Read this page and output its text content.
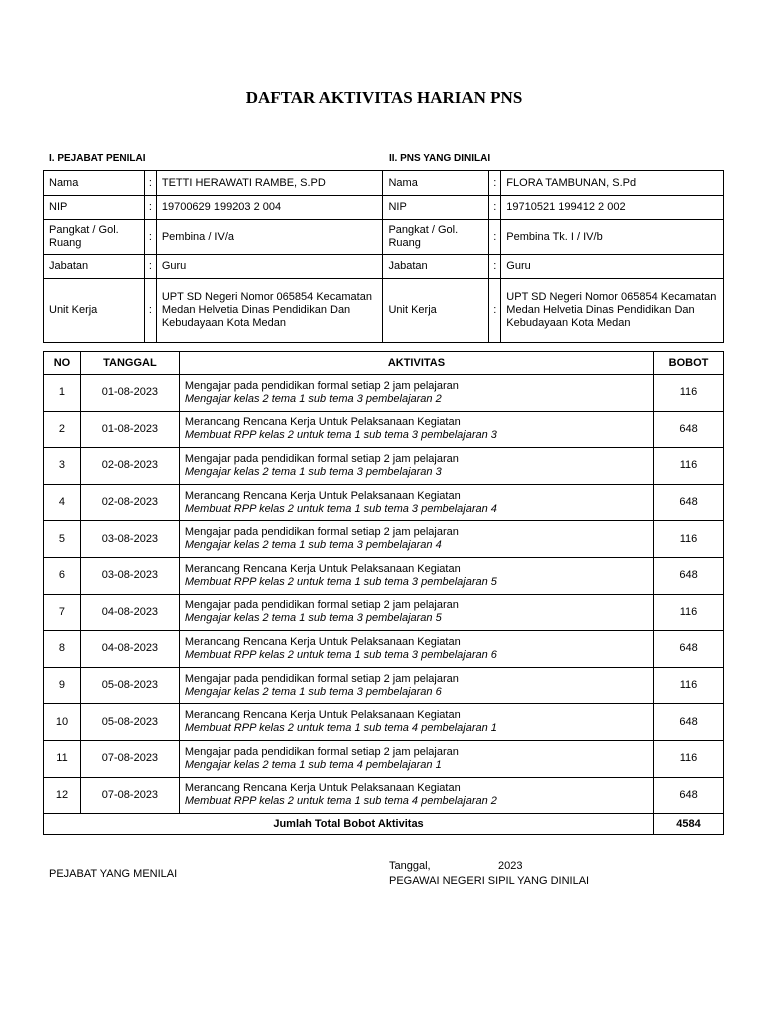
DAFTAR AKTIVITAS HARIAN PNS
I. PEJABAT PENILAI	II. PNS YANG DINILAI
Nama	:	TETTI HERAWATI RAMBE, S.PD	Nama	:	FLORA TAMBUNAN, S.Pd
NIP	:	19700629 199203 2 004	NIP	:	19710521 199412 2 002
Pangkat / Gol. Ruang	:	Pembina / IV/a	Pangkat / Gol. Ruang	:	Pembina Tk. I / IV/b
Jabatan	:	Guru	Jabatan	:	Guru
Unit Kerja	:	UPT SD Negeri Nomor 065854 Kecamatan Medan Helvetia Dinas Pendidikan Dan Kebudayaan Kota Medan	Unit Kerja	:	UPT SD Negeri Nomor 065854 Kecamatan Medan Helvetia Dinas Pendidikan Dan Kebudayaan Kota Medan
NO	TANGGAL	AKTIVITAS	BOBOT
1	01-08-2023	Mengajar pada pendidikan formal setiap 2 jam pelajaran
Mengajar kelas 2 tema 1 sub tema 3 pembelajaran 2	116
2	01-08-2023	Merancang Rencana Kerja Untuk Pelaksanaan Kegiatan
Membuat RPP kelas 2 untuk tema 1 sub tema 3 pembelajaran 3	648
3	02-08-2023	Mengajar pada pendidikan formal setiap 2 jam pelajaran
Mengajar kelas 2 tema 1 sub tema 3 pembelajaran 3	116
4	02-08-2023	Merancang Rencana Kerja Untuk Pelaksanaan Kegiatan
Membuat RPP kelas 2 untuk tema 1 sub tema 3 pembelajaran 4	648
5	03-08-2023	Mengajar pada pendidikan formal setiap 2 jam pelajaran
Mengajar kelas 2 tema 1 sub tema 3 pembelajaran 4	116
6	03-08-2023	Merancang Rencana Kerja Untuk Pelaksanaan Kegiatan
Membuat RPP kelas 2 untuk tema 1 sub tema 3 pembelajaran 5	648
7	04-08-2023	Mengajar pada pendidikan formal setiap 2 jam pelajaran
Mengajar kelas 2 tema 1 sub tema 3 pembelajaran 5	116
8	04-08-2023	Merancang Rencana Kerja Untuk Pelaksanaan Kegiatan
Membuat RPP kelas 2 untuk tema 1 sub tema 3 pembelajaran 6	648
9	05-08-2023	Mengajar pada pendidikan formal setiap 2 jam pelajaran
Mengajar kelas 2 tema 1 sub tema 3 pembelajaran 6	116
10	05-08-2023	Merancang Rencana Kerja Untuk Pelaksanaan Kegiatan
Membuat RPP kelas 2 untuk tema 1 sub tema 4 pembelajaran 1	648
11	07-08-2023	Mengajar pada pendidikan formal setiap 2 jam pelajaran
Mengajar kelas 2 tema 1 sub tema 4 pembelajaran 1	116
12	07-08-2023	Merancang Rencana Kerja Untuk Pelaksanaan Kegiatan
Membuat RPP kelas 2 untuk tema 1 sub tema 4 pembelajaran 2	648
Jumlah Total Bobot Aktivitas			4584
PEJABAT YANG MENILAI
Tanggal,	2023
PEGAWAI NEGERI SIPIL YANG DINILAI
